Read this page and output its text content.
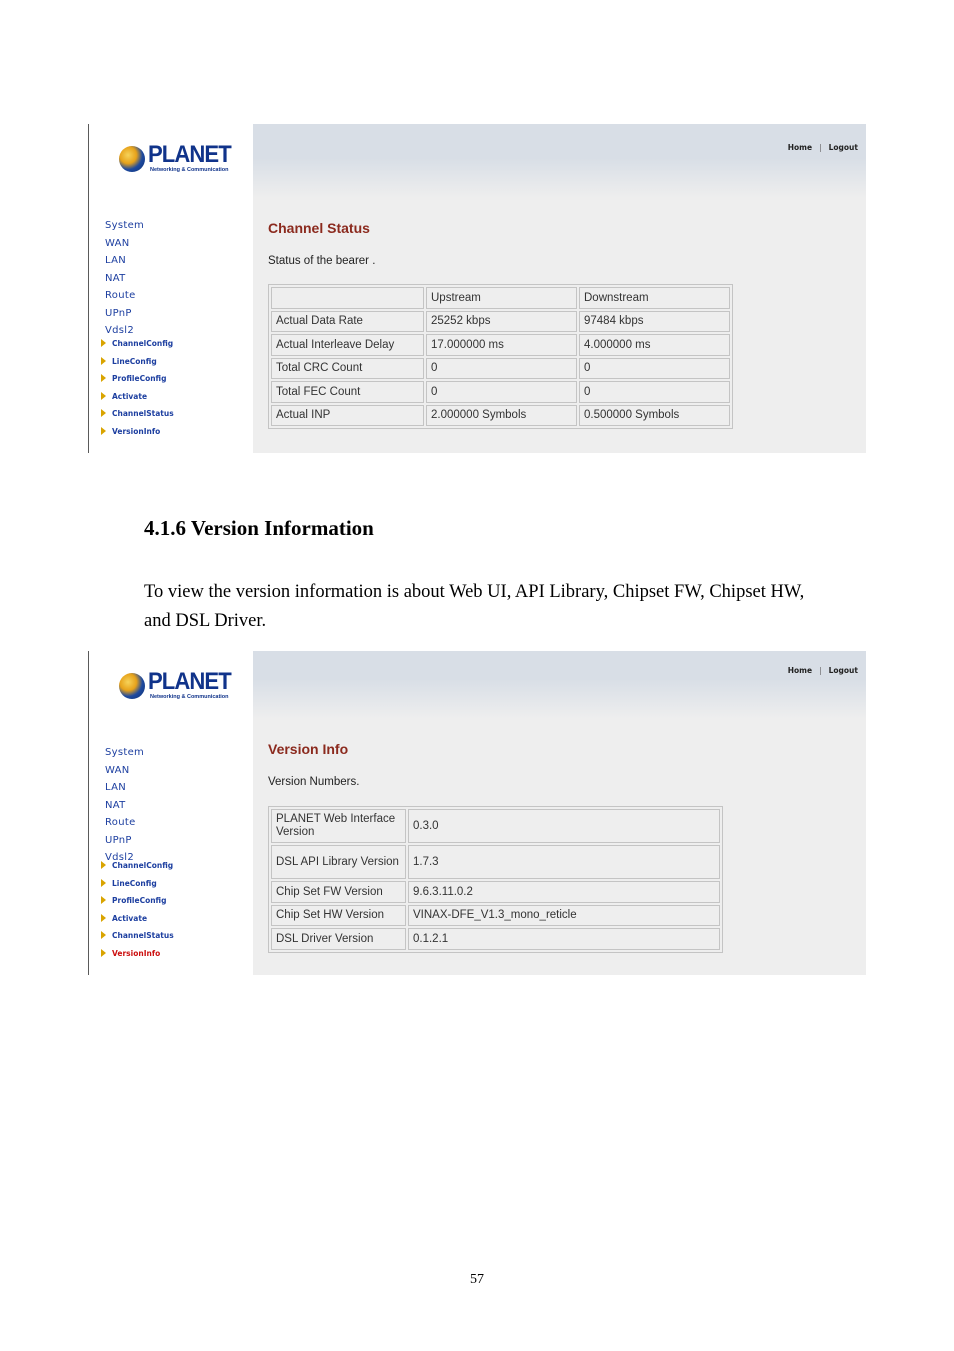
PLANET
Networking & Communication
System
WAN
LAN
NAT
Route
UPnP
Vdsl2
ChannelConfig
LineConfig
ProfileConfig
Activate
ChannelStatus
VersionInfo
Home | Logout
Channel Status
Status of the bearer .
	Upstream	Downstream
Actual Data Rate	25252 kbps	97484 kbps
Actual Interleave Delay	17.000000 ms	4.000000 ms
Total CRC Count	0	0
Total FEC Count	0	0
Actual INP	2.000000 Symbols	0.500000 Symbols
4.1.6 Version Information
To view the version information is about Web UI, API Library, Chipset FW, Chipset HW, and DSL Driver.
PLANET
Networking & Communication
System
WAN
LAN
NAT
Route
UPnP
Vdsl2
ChannelConfig
LineConfig
ProfileConfig
Activate
ChannelStatus
VersionInfo
Home | Logout
Version Info
Version Numbers.
PLANET Web Interface Version	0.3.0
DSL API Library Version	1.7.3
Chip Set FW Version	9.6.3.11.0.2
Chip Set HW Version	VINAX-DFE_V1.3_mono_reticle
DSL Driver Version	0.1.2.1
57
